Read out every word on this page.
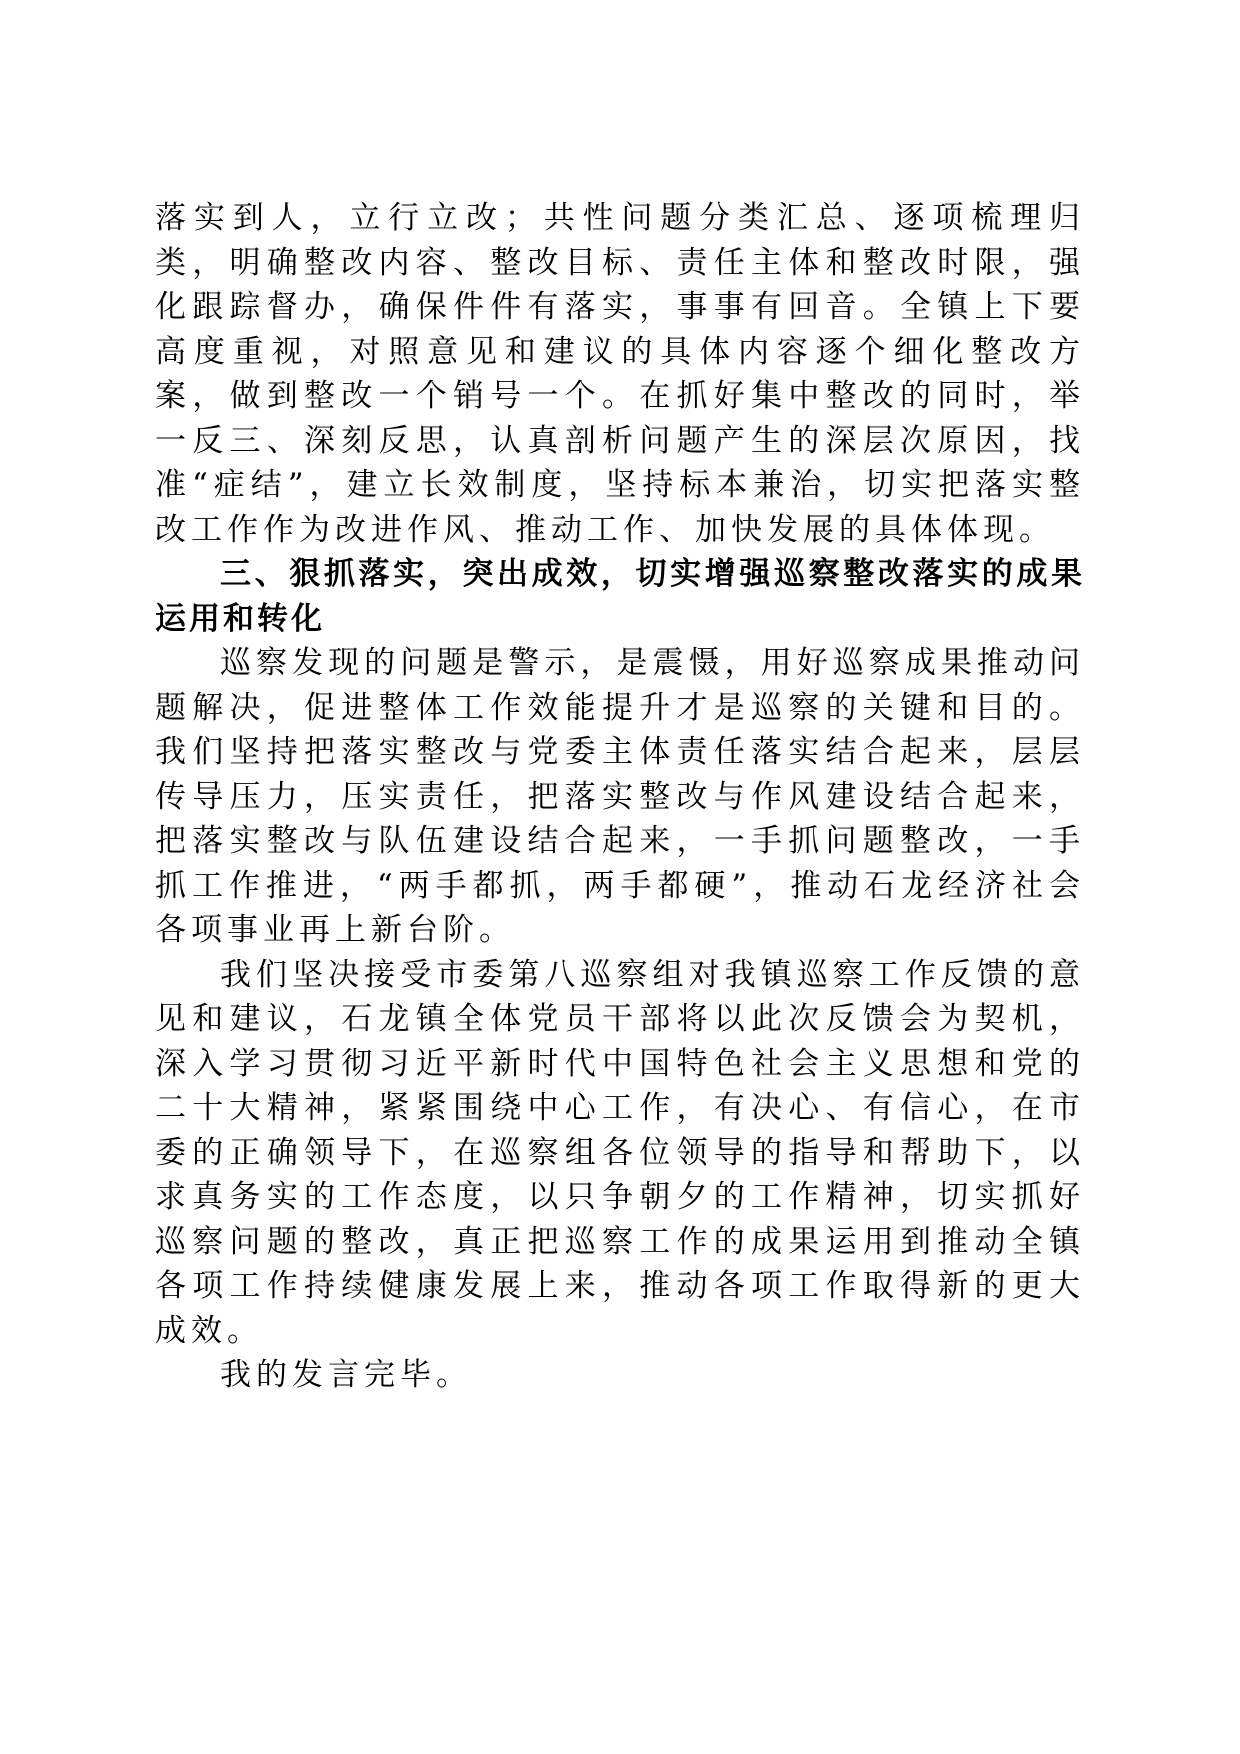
落实到人，立行立改；共性问题分类汇总、逐项梳理归类，明确整改内容、整改目标、责任主体和整改时限，强化跟踪督办，确保件件有落实，事事有回音。全镇上下要高度重视，对照意见和建议的具体内容逐个细化整改方案，做到整改一个销号一个。在抓好集中整改的同时，举一反三、深刻反思，认真剖析问题产生的深层次原因，找准“症结”，建立长效制度，坚持标本兼治，切实把落实整改工作作为改进作风、推动工作、加快发展的具体体现。

三、狠抓落实，突出成效，切实增强巡察整改落实的成果运用和转化

巡察发现的问题是警示，是震慑，用好巡察成果推动问题解决，促进整体工作效能提升才是巡察的关键和目的。我们坚持把落实整改与党委主体责任落实结合起来，层层传导压力，压实责任，把落实整改与作风建设结合起来，把落实整改与队伍建设结合起来，一手抓问题整改，一手抓工作推进，“两手都抓，两手都硬”，推动石龙经济社会各项事业再上新台阶。

我们坚决接受市委第八巡察组对我镇巡察工作反馈的意见和建议，石龙镇全体党员干部将以此次反馈会为契机，深入学习贯彻习近平新时代中国特色社会主义思想和党的二十大精神，紧紧围绕中心工作，有决心、有信心，在市委的正确领导下，在巡察组各位领导的指导和帮助下，以求真务实的工作态度，以只争朝夕的工作精神，切实抓好巡察问题的整改，真正把巡察工作的成果运用到推动全镇各项工作持续健康发展上来，推动各项工作取得新的更大成效。

我的发言完毕。
